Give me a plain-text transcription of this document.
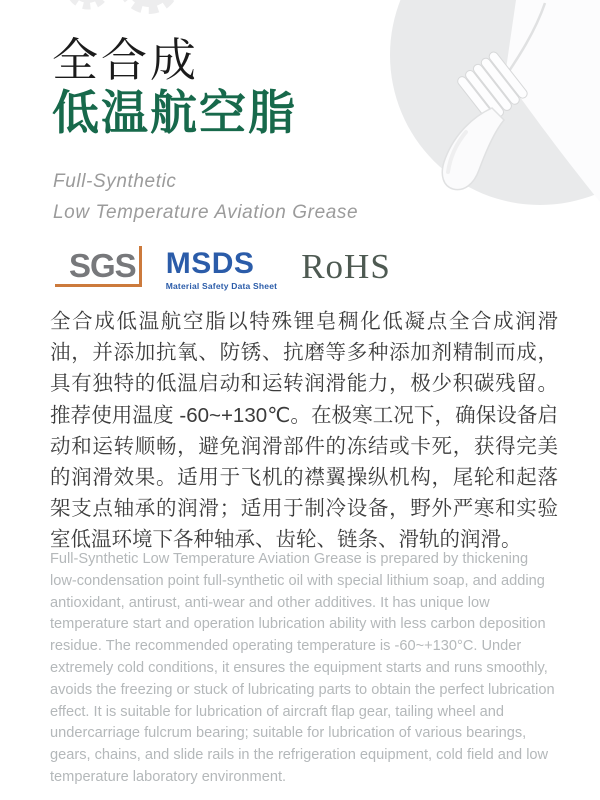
全合成
低温航空脂
Full-Synthetic
Low Temperature Aviation Grease
SGS MSDS
Material Safety Data Sheet RoHS

全合成低温航空脂以特殊锂皂稠化低凝点全合成润滑油，并添加抗氧、防锈、抗磨等多种添加剂精制而成，具有独特的低温启动和运转润滑能力，极少积碳残留。推荐使用温度 -60~+130℃。在极寒工况下，确保设备启动和运转顺畅，避免润滑部件的冻结或卡死，获得完美的润滑效果。适用于飞机的襟翼操纵机构，尾轮和起落架支点轴承的润滑；适用于制冷设备，野外严寒和实验室低温环境下各种轴承、齿轮、链条、滑轨的润滑。

Full-Synthetic Low Temperature Aviation Grease is prepared by thickening low-condensation point full-synthetic oil with special lithium soap, and adding antioxidant, antirust, anti-wear and other additives. It has unique low temperature start and operation lubrication ability with less carbon deposition residue. The recommended operating temperature is -60~+130°C. Under extremely cold conditions, it ensures the equipment starts and runs smoothly, avoids the freezing or stuck of lubricating parts to obtain the perfect lubrication effect. It is suitable for lubrication of aircraft flap gear, tailing wheel and undercarriage fulcrum bearing; suitable for lubrication of various bearings, gears, chains, and slide rails in the refrigeration equipment, cold field and low temperature laboratory environment.
